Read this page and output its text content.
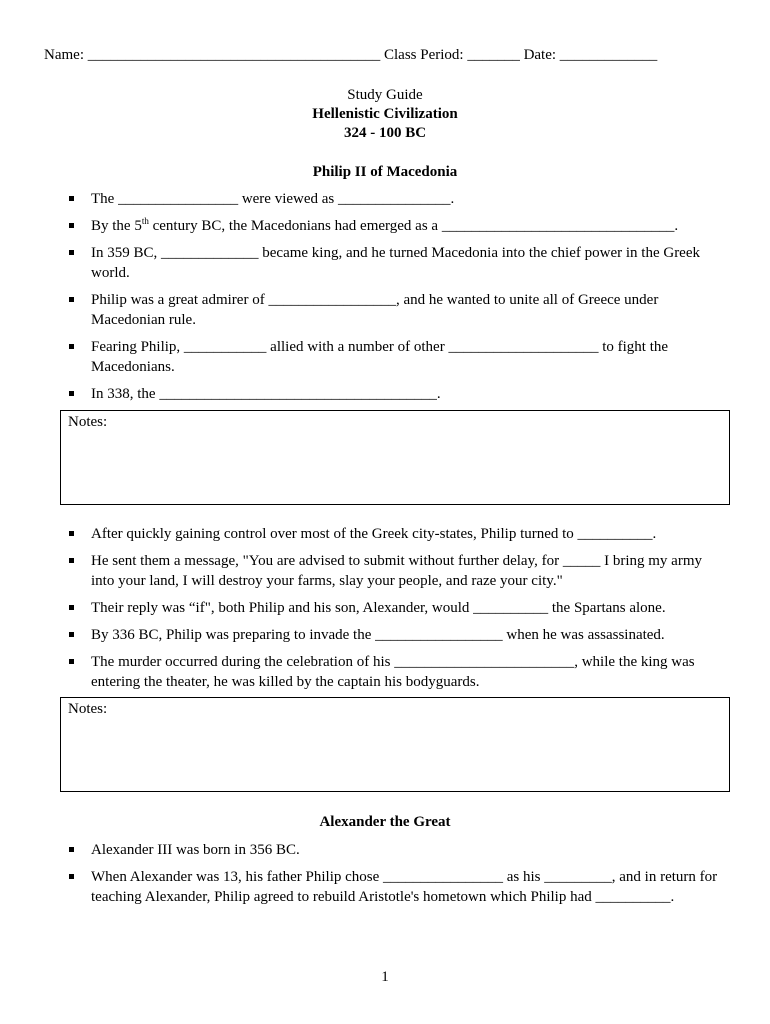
Name: _______________________________________ Class Period: _______ Date: _____________
Study Guide
Hellenistic Civilization
324 - 100 BC
Philip II of Macedonia
The ________________ were viewed as _______________.
By the 5th century BC, the Macedonians had emerged as a _______________________________.
In 359 BC, _____________ became king, and he turned Macedonia into the chief power in the Greek world.
Philip was a great admirer of _________________, and he wanted to unite all of Greece under Macedonian rule.
Fearing Philip, ___________ allied with a number of other ____________________ to fight the Macedonians.
In 338, the _____________________________________.
Notes:
After quickly gaining control over most of the Greek city-states, Philip turned to __________.
He sent them a message, "You are advised to submit without further delay, for _____ I bring my army into your land, I will destroy your farms, slay your people, and raze your city."
Their reply was “if", both Philip and his son, Alexander, would __________ the Spartans alone.
By 336 BC, Philip was preparing to invade the _________________ when he was assassinated.
The murder occurred during the celebration of his ________________________, while the king was entering the theater, he was killed by the captain his bodyguards.
Notes:
Alexander the Great
Alexander III was born in 356 BC.
When Alexander was 13, his father Philip chose ________________ as his _________, and in return for teaching Alexander, Philip agreed to rebuild Aristotle's hometown which Philip had __________.
1
